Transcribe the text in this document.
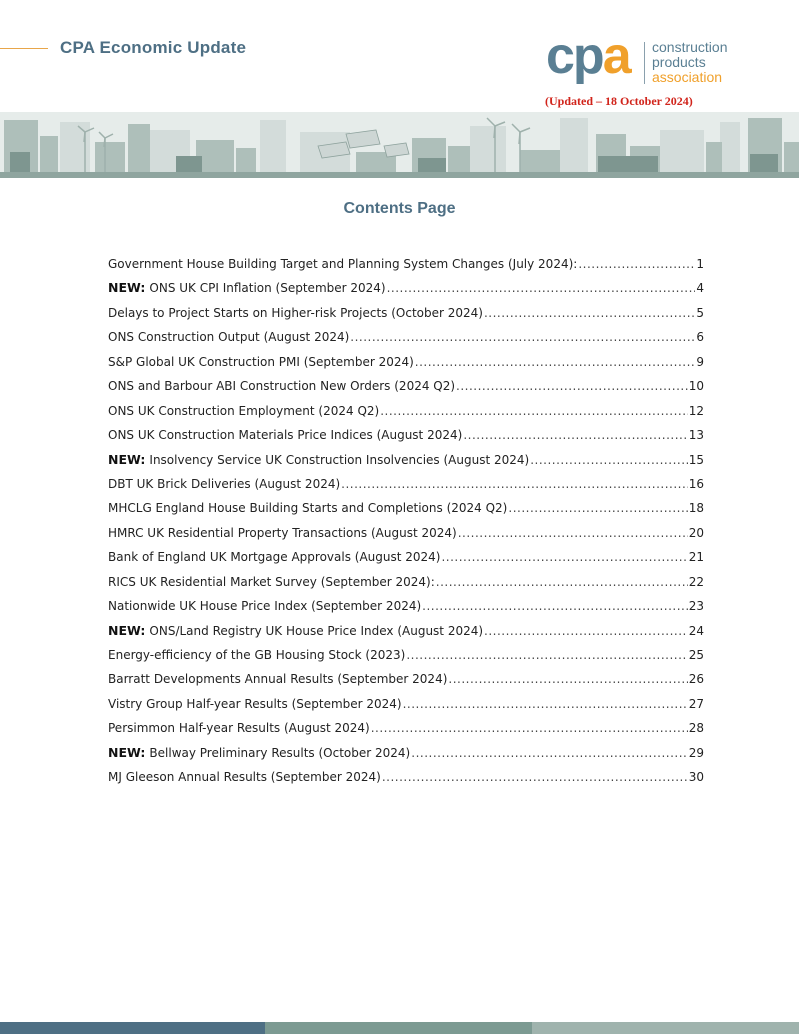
CPA Economic Update	cpa construction
products
association
(Updated – 18 October 2024)
Contents Page
Government House Building Target and Planning System Changes (July 2024): .....	1
NEW: ONS UK CPI Inflation (September 2024) .....	4
Delays to Project Starts on Higher-risk Projects (October 2024) .....	5
ONS Construction Output (August 2024) .....	6
S&P Global UK Construction PMI (September 2024) .....	9
ONS and Barbour ABI Construction New Orders (2024 Q2) .....	10
ONS UK Construction Employment (2024 Q2) .....	12
ONS UK Construction Materials Price Indices (August 2024) .....	13
NEW: Insolvency Service UK Construction Insolvencies (August 2024) .....	15
DBT UK Brick Deliveries (August 2024) .....	16
MHCLG England House Building Starts and Completions (2024 Q2) .....	18
HMRC UK Residential Property Transactions (August 2024) .....	20
Bank of England UK Mortgage Approvals (August 2024) .....	21
RICS UK Residential Market Survey (September 2024): .....	22
Nationwide UK House Price Index (September 2024) .....	23
NEW: ONS/Land Registry UK House Price Index (August 2024) .....	24
Energy-efficiency of the GB Housing Stock (2023) .....	25
Barratt Developments Annual Results (September 2024) .....	26
Vistry Group Half-year Results (September 2024) .....	27
Persimmon Half-year Results (August 2024) .....	28
NEW: Bellway Preliminary Results (October 2024) .....	29
MJ Gleeson Annual Results (September 2024) .....	30
